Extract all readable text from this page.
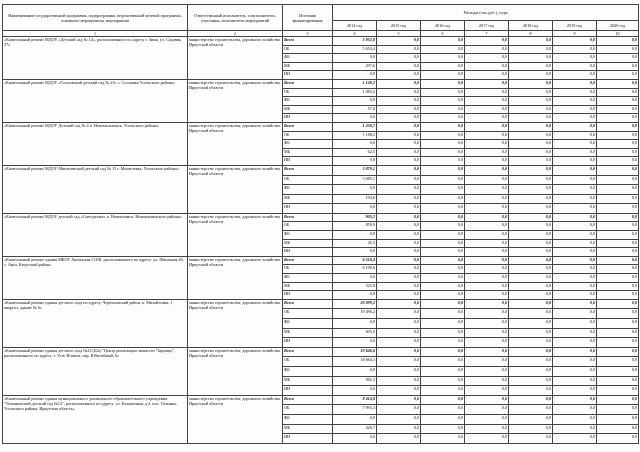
Наименование государственной программы, подпрограммы, ведомственной целевой программы, основного мероприятия, мероприятия	Ответственный исполнитель, соисполнители, участники, исполнители мероприятий	Источник финансирования	Расходы (тыс.руб.), годы						
			2014 год	2015 год	2016 год	2017 год	2018 год	2019 год	2020 год
1	2	3	4	5	6	7	8	9	10
«Капитальный ремонт МДОУ «Детский сад № 14», расположенного по адресу г. Зима, ул. Садовая, 37»	министерство строительства, дорожного хозяйства Иркутской области	Всего	5 952,0	0,0	0,0	0,0	0,0	0,0	0,0
		ОБ	5 654,4	0,0	0,0	0,0	0,0	0,0	0,0
		ФБ	0,0	0,0	0,0	0,0	0,0	0,0	0,0
		МБ	297,6	0,0	0,0	0,0	0,0	0,0	0,0
		ИИ	0,0	0,0	0,0	0,0	0,0	0,0	0,0
«Капитальный ремонт МДОУ «Сосновский детский сад № 23» с. Сосновка Усольского района»	министерство строительства, дорожного хозяйства Иркутской области	Всего	1 140,2	0,0	0,0	0,0	0,0	0,0	0,0
		ОБ	1 083,2	0,0	0,0	0,0	0,0	0,0	0,0
		ФБ	0,0	0,0	0,0	0,0	0,0	0,0	0,0
		МБ	57,0	0,0	0,0	0,0	0,0	0,0	0,0
		ИИ	0,0	0,0	0,0	0,0	0,0	0,0	0,0
«Капитальный ремонт МДОУ Детский сад № 4 п. Новомальтинск, Усольского района»	министерство строительства, дорожного хозяйства Иркутской области	Всего	1 250,7	0,0	0,0	0,0	0,0	0,0	0,0
		ОБ	1 188,2	0,0	0,0	0,0	0,0	0,0	0,0
		ФБ	0,0	0,0	0,0	0,0	0,0	0,0	0,0
		МБ	62,5	0,0	0,0	0,0	0,0	0,0	0,0
		ИИ	0,0	0,0	0,0	0,0	0,0	0,0	0,0
«Капитальный ремонт МДОУ Мишелевский детский сад № 15 г. Мишелевка, Усольского района»	министерство строительства, дорожного хозяйства Иркутской области	Всего	3 879,1	0,0	0,0	0,0	0,0	0,0	0,0
		ОБ	3 685,1	0,0	0,0	0,0	0,0	0,0	0,0
		ФБ	0,0	0,0	0,0	0,0	0,0	0,0	0,0
		МБ	194,0	0,0	0,0	0,0	0,0	0,0	0,0
		ИИ	0,0	0,0	0,0	0,0	0,0	0,0	0,0
«Капитальный ремонт МДОУ детский сад «Снегурочка» п. Новоилимск, Нижнеилимского района»	министерство строительства, дорожного хозяйства Иркутской области	Всего	905,2	0,0	0,0	0,0	0,0	0,0	0,0
		ОБ	859,9	0,0	0,0	0,0	0,0	0,0	0,0
		ФБ	0,0	0,0	0,0	0,0	0,0	0,0	0,0
		МБ	45,3	0,0	0,0	0,0	0,0	0,0	0,0
		ИИ	0,0	0,0	0,0	0,0	0,0	0,0	0,0
«Капитальный ремонт здания МКОУ Ангинская СОШ, расположенного по адресу: ул. Школьная,40, с. Анга, Качугский район»	министерство строительства, дорожного хозяйства Иркутской области	Всего	6 516,4	0,0	0,0	0,0	0,0	0,0	0,0
		ОБ	6 190,6	0,0	0,0	0,0	0,0	0,0	0,0
		ФБ	0,0	0,0	0,0	0,0	0,0	0,0	0,0
		МБ	325,8	0,0	0,0	0,0	0,0	0,0	0,0
		ИИ	0,0	0,0	0,0	0,0	0,0	0,0	0,0
«Капитальный ремонт здания детского сада по адресу: Черемховский район, п. Михайловка, 1 квартал, здание № 6»	министерство строительства, дорожного хозяйства Иркутской области	Всего	20 099,2	0,0	0,0	0,0	0,0	0,0	0,0
		ОБ	19 496,2	0,0	0,0	0,0	0,0	0,0	0,0
		ФБ	0,0	0,0	0,0	0,0	0,0	0,0	0,0
		МБ	603,0	0,0	0,0	0,0	0,0	0,0	0,0
		ИИ	0,0	0,0	0,0	0,0	0,0	0,0	0,0
«Капитальный ремонт здания детского сада №23 (62а) "Центр реализации личности "Зарница", расположенного по адресу: г. Усть-Илимск, пер. Юбилейный, 6»	министерство строительства, дорожного хозяйства Иркутской области	Всего	19 646,6	0,0	0,0	0,0	0,0	0,0	0,0
		ОБ	18 664,3	0,0	0,0	0,0	0,0	0,0	0,0
		ФБ	0,0	0,0	0,0	0,0	0,0	0,0	0,0
		МБ	982,3	0,0	0,0	0,0	0,0	0,0	0,0
		ИИ	0,0	0,0	0,0	0,0	0,0	0,0	0,0
«Капитальный ремонт здания муниципального дошкольного образовательного учреждения "Тальяновский детский сад №12", расположенного по адресу: ул. Больничная, д.2, пос. Тальяны, Усольского района, Иркутская область»	министерство строительства, дорожного хозяйства Иркутской области	Всего	8 414,0	0,0	0,0	0,0	0,0	0,0	0,0
		ОБ	7 993,3	0,0	0,0	0,0	0,0	0,0	0,0
		ФБ	0,0	0,0	0,0	0,0	0,0	0,0	0,0
		МБ	420,7	0,0	0,0	0,0	0,0	0,0	0,0
		ИИ	0,0	0,0	0,0	0,0	0,0	0,0	0,0
